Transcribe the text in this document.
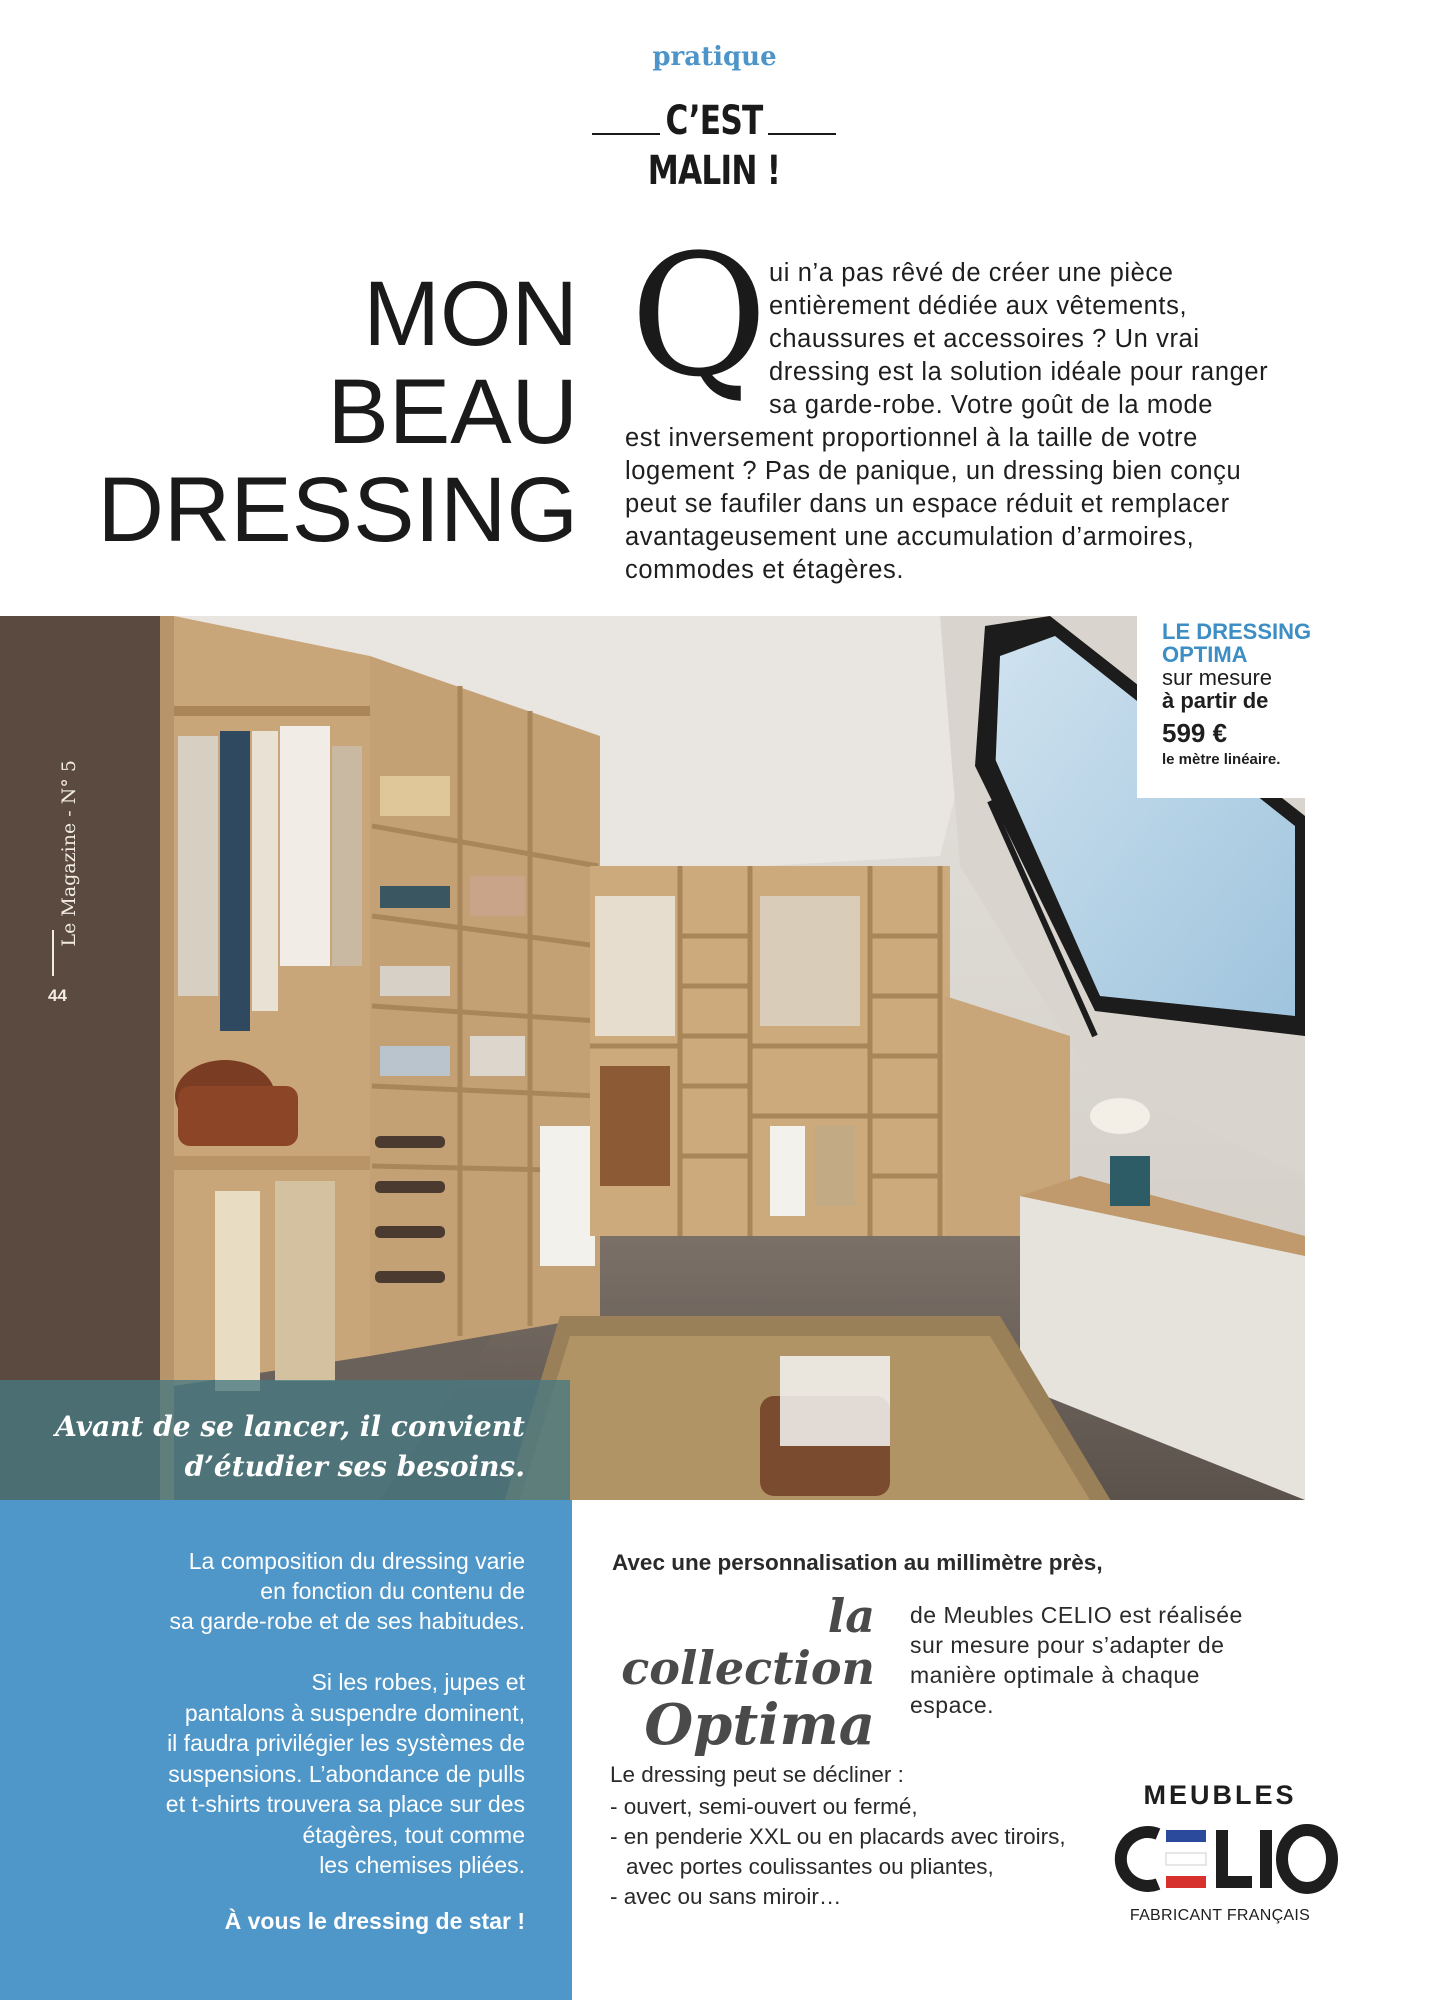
pratique
C’EST
MALIN !
MON
BEAU
DRESSING
Q ui n’a pas rêvé de créer une pièce
entièrement dédiée aux vêtements,
chaussures et accessoires ? Un vrai
dressing est la solution idéale pour ranger
sa garde-robe. Votre goût de la mode
est inversement proportionnel à la taille de votre
logement ? Pas de panique, un dressing bien conçu
peut se faufiler dans un espace réduit et remplacer
avantageusement une accumulation d’armoires,
commodes et étagères.
Le Magazine - N° 5
44
LE DRESSING
OPTIMA
sur mesure
à partir de
599 €
le mètre linéaire.
Avant de se lancer, il convient
d’étudier ses besoins.
La composition du dressing varie
en fonction du contenu de
sa garde-robe et de ses habitudes.
Si les robes, jupes et
pantalons à suspendre dominent,
il faudra privilégier les systèmes de
suspensions. L’abondance de pulls
et t-shirts trouvera sa place sur des
étagères, tout comme
les chemises pliées.
À vous le dressing de star !
Avec une personnalisation au millimètre près,
la collection
Optima
de Meubles CELIO est réalisée
sur mesure pour s’adapter de
manière optimale à chaque
espace.
Le dressing peut se décliner :
- ouvert, semi-ouvert ou fermé,
- en penderie XXL ou en placards avec tiroirs, avec portes coulissantes ou pliantes,
- avec ou sans miroir…
MEUBLES
FABRICANT FRANÇAIS
